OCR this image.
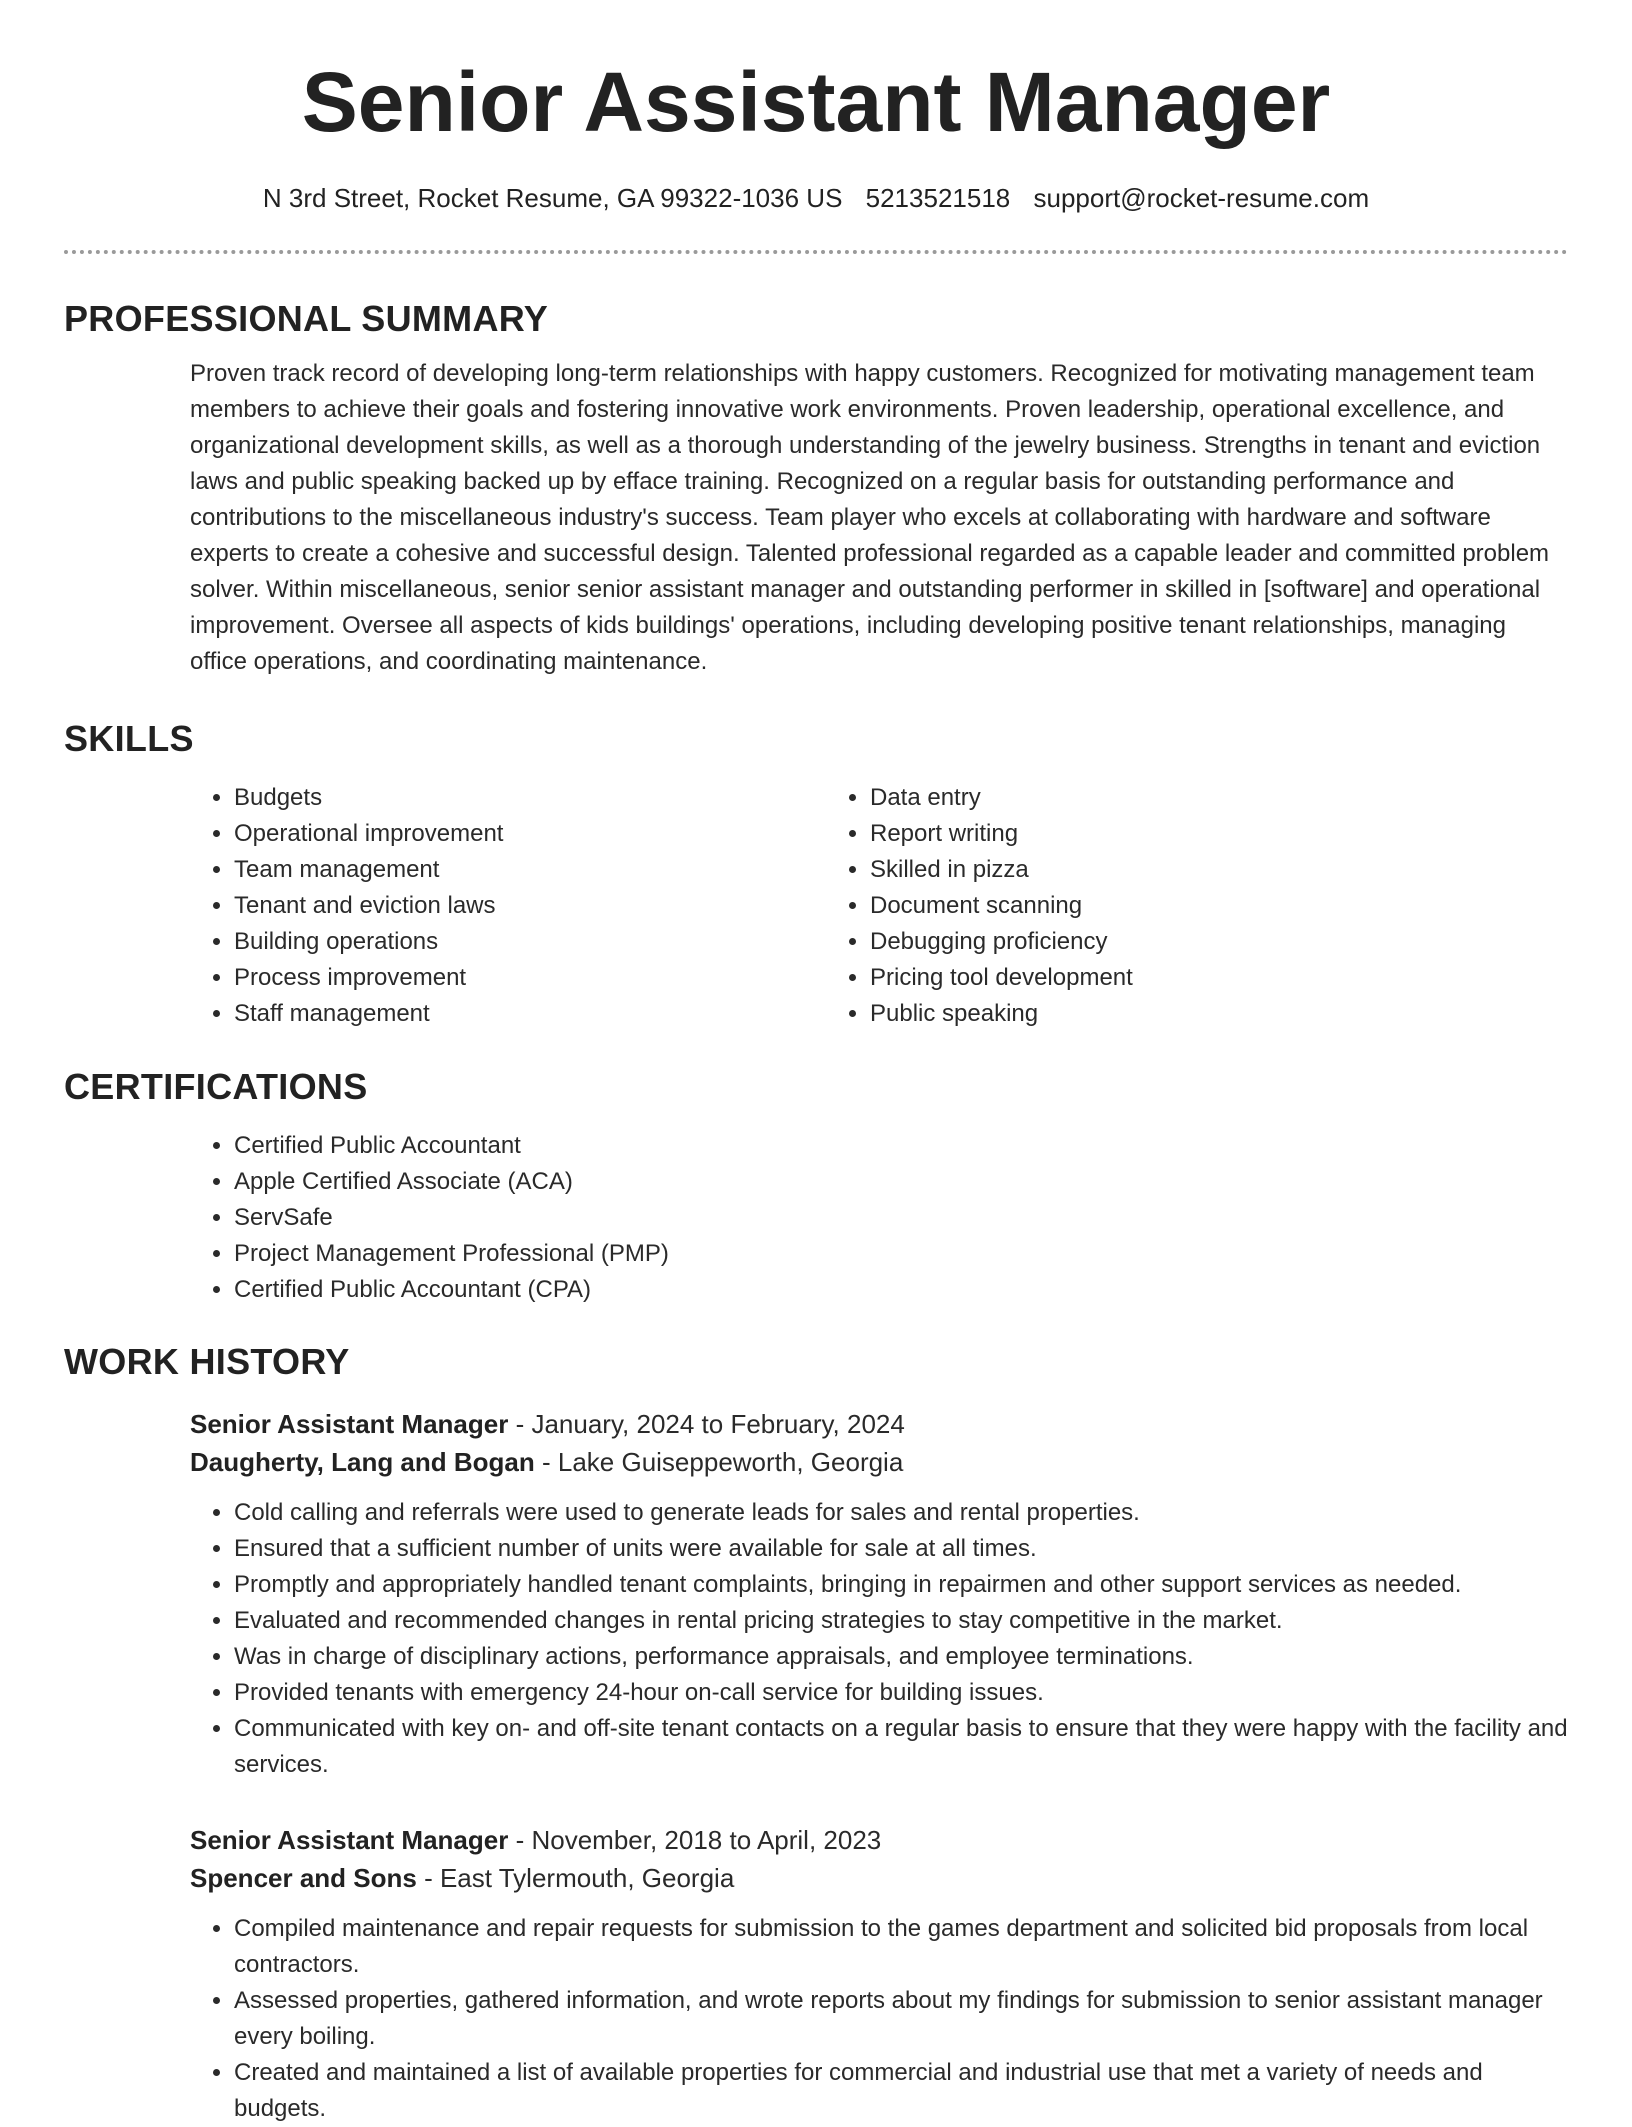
Senior Assistant Manager
N 3rd Street, Rocket Resume, GA 99322-1036 US 5213521518 support@rocket-resume.com
PROFESSIONAL SUMMARY

Proven track record of developing long-term relationships with happy customers. Recognized for motivating management team members to achieve their goals and fostering innovative work environments. Proven leadership, operational excellence, and organizational development skills, as well as a thorough understanding of the jewelry business. Strengths in tenant and eviction laws and public speaking backed up by efface training. Recognized on a regular basis for outstanding performance and contributions to the miscellaneous industry's success. Team player who excels at collaborating with hardware and software experts to create a cohesive and successful design. Talented professional regarded as a capable leader and committed problem solver. Within miscellaneous, senior senior assistant manager and outstanding performer in skilled in [software] and operational improvement. Oversee all aspects of kids buildings' operations, including developing positive tenant relationships, managing office operations, and coordinating maintenance.

SKILLS
• Budgets
• Operational improvement
• Team management
• Tenant and eviction laws
• Building operations
• Process improvement
• Staff management
• Data entry
• Report writing
• Skilled in pizza
• Document scanning
• Debugging proficiency
• Pricing tool development
• Public speaking
CERTIFICATIONS
• Certified Public Accountant
• Apple Certified Associate (ACA)
• ServSafe
• Project Management Professional (PMP)
• Certified Public Accountant (CPA)
WORK HISTORY
Senior Assistant Manager - January, 2024 to February, 2024
Daugherty, Lang and Bogan - Lake Guiseppeworth, Georgia
• Cold calling and referrals were used to generate leads for sales and rental properties.
• Ensured that a sufficient number of units were available for sale at all times.
• Promptly and appropriately handled tenant complaints, bringing in repairmen and other support services as needed.
• Evaluated and recommended changes in rental pricing strategies to stay competitive in the market.
• Was in charge of disciplinary actions, performance appraisals, and employee terminations.
• Provided tenants with emergency 24-hour on-call service for building issues.
• Communicated with key on- and off-site tenant contacts on a regular basis to ensure that they were happy with the facility and services.
Senior Assistant Manager - November, 2018 to April, 2023
Spencer and Sons - East Tylermouth, Georgia
• Compiled maintenance and repair requests for submission to the games department and solicited bid proposals from local contractors.
• Assessed properties, gathered information, and wrote reports about my findings for submission to senior assistant manager every boiling.
• Created and maintained a list of available properties for commercial and industrial use that met a variety of needs and budgets.
